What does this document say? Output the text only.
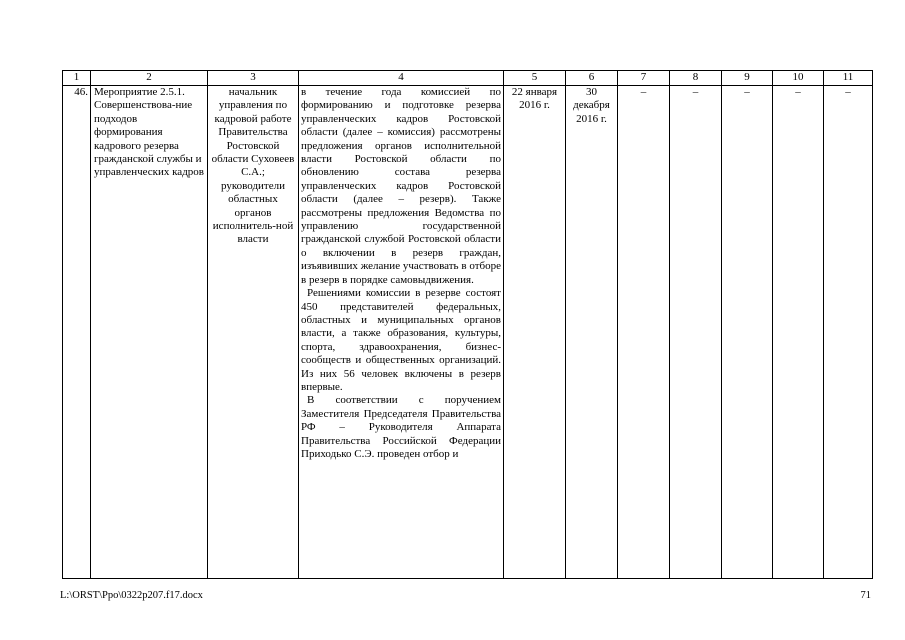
1	2	3	4	5	6	7	8	9	10	11
46.	Мероприятие 2.5.1. Совершенствова-ние подходов формирования кадрового резерва гражданской службы и управленческих кадров	начальник управления по кадровой работе Правительства Ростовской области Суховеев С.А.; руководители областных органов исполнитель-ной власти	в течение года комиссией по формированию и подготовке резерва управленческих кадров Ростовской области (далее – комиссия) рассмотрены предложения органов исполнительной власти Ростовской области по обновлению состава резерва управленческих кадров Ростовской области (далее – резерв). Также рассмотрены предложения Ведомства по управлению государственной гражданской службой Ростовской области о включении в резерв граждан, изъявивших желание участвовать в отборе в резерв в порядке самовыдвижения.

Решениями комиссии в резерве состоят 450 представителей федеральных, областных и муниципальных органов власти, а также образования, культуры, спорта, здравоохранения, бизнес-сообществ и общественных организаций. Из них 56 человек включены в резерв впервые.

В соответствии с поручением Заместителя Председателя Правительства РФ – Руководителя Аппарата Правительства Российской Федерации Приходько С.Э. проведен отбор и	22 января 2016 г.	30 декабря 2016 г.	–	–	–	–	–
L:\ORST\Ppo\0322p207.f17.docx	71
